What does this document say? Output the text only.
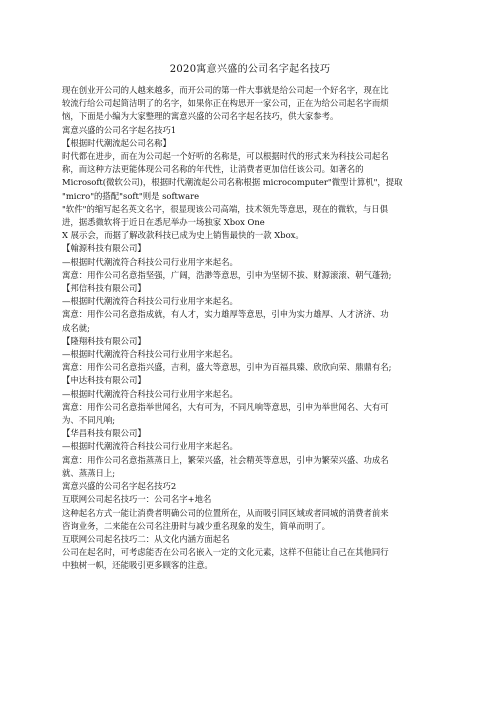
2020寓意兴盛的公司名字起名技巧
现在创业开公司的人越来越多，而开公司的第一件大事就是给公司起一个好名字，现在比
较流行给公司起简洁明了的名字，如果你正在构思开一家公司，正在为给公司起名字而烦
恼，下面是小编为大家整理的寓意兴盛的公司名字起名技巧，供大家参考。
寓意兴盛的公司名字起名技巧1
【根据时代潮流起公司名称】
时代都在进步，而在为公司起一个好听的名称是，可以根据时代的形式来为科技公司起名
称，而这种方法更能体现公司名称的年代性，让消费者更加信任该公司。如著名的
Microsoft(微软公司)，根据时代潮流起公司名称根据 microcomputer"微型计算机"，提取
"micro"的搭配"soft"则是 software
"软件"的缩写起名英文名字，很显现该公司高端，技术领先等意思，现在的微软，与日俱
进，据悉微软将于近日在悉尼举办一场独家 Xbox One
X 展示会，而据了解改款科技已成为史上销售最快的一款 Xbox。
【翰源科技有限公司】
—根据时代潮流符合科技公司行业用字来起名。
寓意：用作公司名意指坚强，广阔，浩渺等意思，引申为坚韧不拔、财源滚滚、朝气蓬勃;
【邦信科技有限公司】
—根据时代潮流符合科技公司行业用字来起名。
寓意：用作公司名意指成就，有人才，实力雄厚等意思，引申为实力雄厚、人才济济、功
成名就;
【隆翔科技有限公司】
—根据时代潮流符合科技公司行业用字来起名。
寓意：用作公司名意指兴盛，吉利，盛大等意思，引申为百福具臻、欣欣向荣、鼎鼎有名;
【申达科技有限公司】
—根据时代潮流符合科技公司行业用字来起名。
寓意：用作公司名意指举世闻名，大有可为，不同凡响等意思，引申为举世闻名、大有可
为、不同凡响;
【华昌科技有限公司】
—根据时代潮流符合科技公司行业用字来起名。
寓意：用作公司名意指蒸蒸日上，繁荣兴盛，社会精英等意思，引申为繁荣兴盛、功成名
就、蒸蒸日上;
寓意兴盛的公司名字起名技巧2
互联网公司起名技巧一：公司名字+地名
这种起名方式一能让消费者明确公司的位置所在，从而吸引同区域或者同城的消费者前来
咨询业务，二来能在公司名注册时与减少重名现象的发生，简单而明了。
互联网公司起名技巧二：从文化内涵方面起名
公司在起名时，可考虑能否在公司名嵌入一定的文化元素，这样不但能让自己在其他同行
中独树一帜，还能吸引更多顾客的注意。
